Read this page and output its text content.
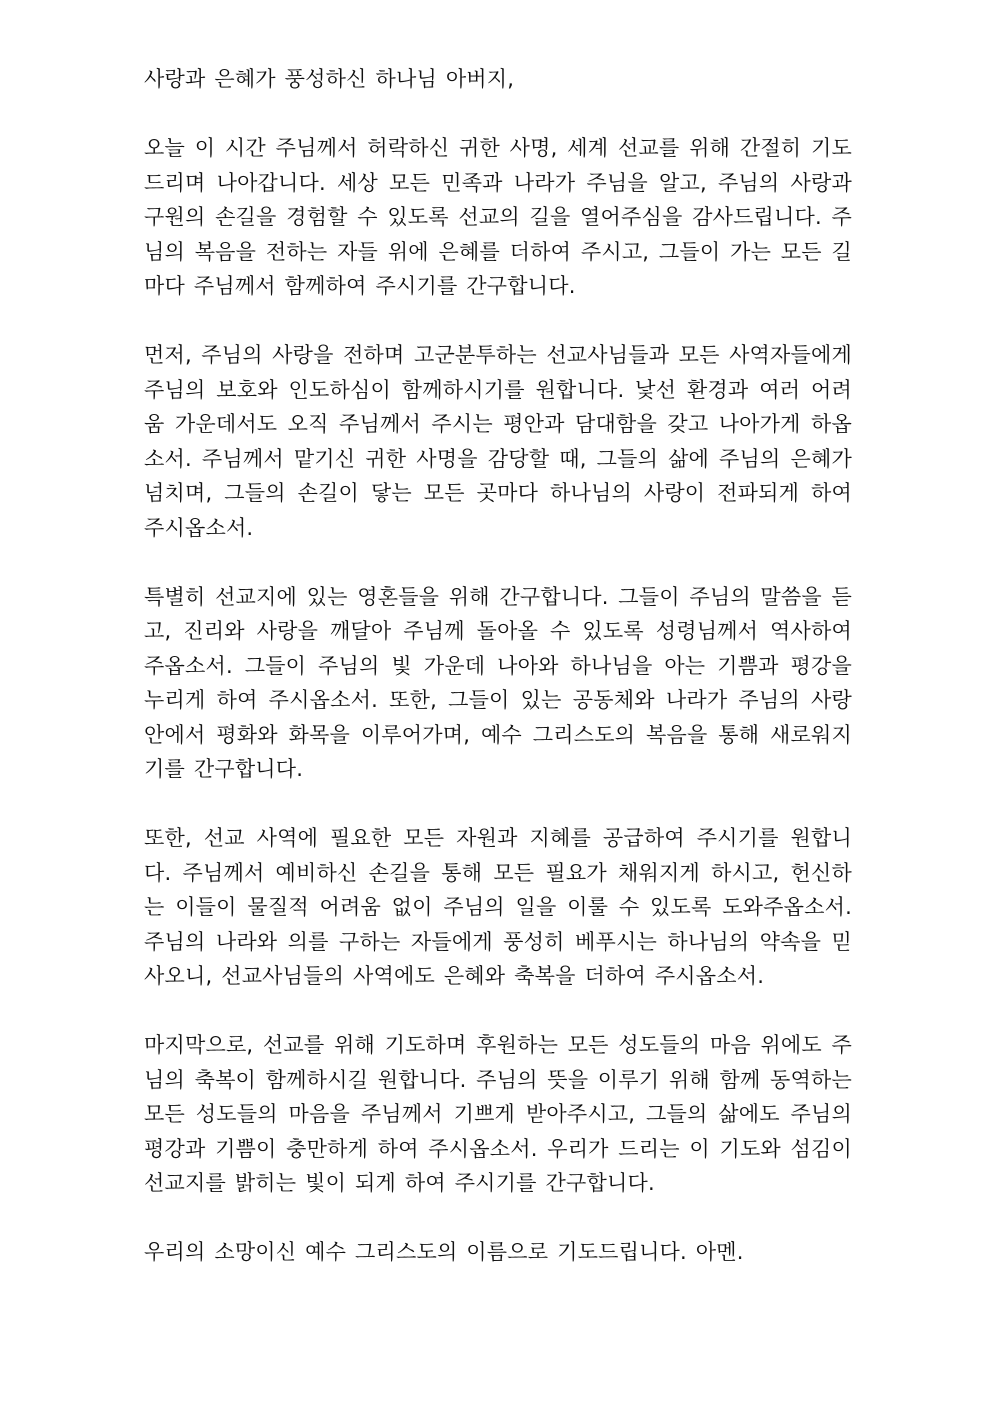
사랑과 은혜가 풍성하신 하나님 아버지,

오늘 이 시간 주님께서 허락하신 귀한 사명, 세계 선교를 위해 간절히 기도드리며 나아갑니다. 세상 모든 민족과 나라가 주님을 알고, 주님의 사랑과 구원의 손길을 경험할 수 있도록 선교의 길을 열어주심을 감사드립니다. 주님의 복음을 전하는 자들 위에 은혜를 더하여 주시고, 그들이 가는 모든 길마다 주님께서 함께하여 주시기를 간구합니다.

먼저, 주님의 사랑을 전하며 고군분투하는 선교사님들과 모든 사역자들에게 주님의 보호와 인도하심이 함께하시기를 원합니다. 낯선 환경과 여러 어려움 가운데서도 오직 주님께서 주시는 평안과 담대함을 갖고 나아가게 하옵소서. 주님께서 맡기신 귀한 사명을 감당할 때, 그들의 삶에 주님의 은혜가 넘치며, 그들의 손길이 닿는 모든 곳마다 하나님의 사랑이 전파되게 하여 주시옵소서.

특별히 선교지에 있는 영혼들을 위해 간구합니다. 그들이 주님의 말씀을 듣고, 진리와 사랑을 깨달아 주님께 돌아올 수 있도록 성령님께서 역사하여 주옵소서. 그들이 주님의 빛 가운데 나아와 하나님을 아는 기쁨과 평강을 누리게 하여 주시옵소서. 또한, 그들이 있는 공동체와 나라가 주님의 사랑 안에서 평화와 화목을 이루어가며, 예수 그리스도의 복음을 통해 새로워지기를 간구합니다.

또한, 선교 사역에 필요한 모든 자원과 지혜를 공급하여 주시기를 원합니다. 주님께서 예비하신 손길을 통해 모든 필요가 채워지게 하시고, 헌신하는 이들이 물질적 어려움 없이 주님의 일을 이룰 수 있도록 도와주옵소서. 주님의 나라와 의를 구하는 자들에게 풍성히 베푸시는 하나님의 약속을 믿사오니, 선교사님들의 사역에도 은혜와 축복을 더하여 주시옵소서.

마지막으로, 선교를 위해 기도하며 후원하는 모든 성도들의 마음 위에도 주님의 축복이 함께하시길 원합니다. 주님의 뜻을 이루기 위해 함께 동역하는 모든 성도들의 마음을 주님께서 기쁘게 받아주시고, 그들의 삶에도 주님의 평강과 기쁨이 충만하게 하여 주시옵소서. 우리가 드리는 이 기도와 섬김이 선교지를 밝히는 빛이 되게 하여 주시기를 간구합니다.

우리의 소망이신 예수 그리스도의 이름으로 기도드립니다. 아멘.
